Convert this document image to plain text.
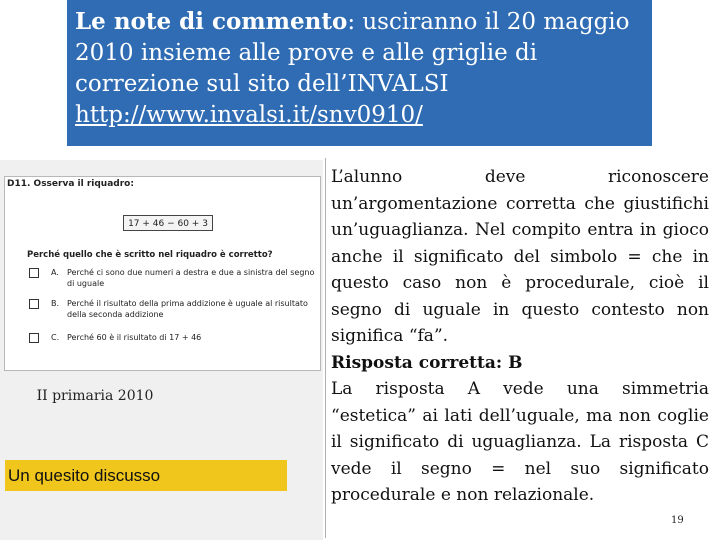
Le note di commento: usciranno il 20 maggio 2010 insieme alle prove e alle griglie di correzione sul sito dell’INVALSI
http://www.invalsi.it/snv0910/
D11. Osserva il riquadro:
17 + 46 − 60 + 3
Perché quello che è scritto nel riquadro è corretto?
A. Perché ci sono due numeri a destra e due a sinistra del segno di uguale
B. Perché il risultato della prima addizione è uguale al risultato della seconda addizione
C. Perché 60 è il risultato di 17 + 46
II primaria 2010
Un quesito discusso

L’alunno deve riconoscere un’argomentazione corretta che giustifichi un’uguaglianza. Nel compito entra in gioco anche il significato del simbolo = che in questo caso non è procedurale, cioè il segno di uguale in questo contesto non significa “fa”.

Risposta corretta: B

La risposta A vede una simmetria “estetica” ai lati dell’uguale, ma non coglie il significato di uguaglianza. La risposta C vede il segno = nel suo significato procedurale e non relazionale.

19
